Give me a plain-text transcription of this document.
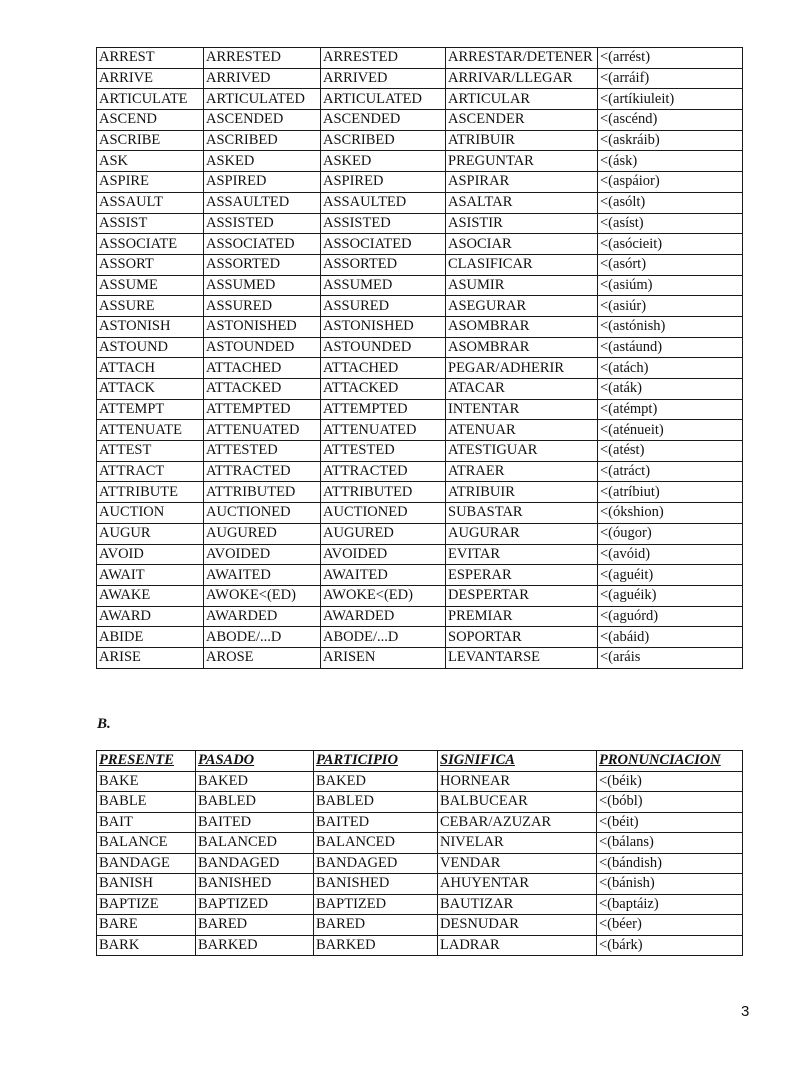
ARREST	ARRESTED	ARRESTED	ARRESTAR/DETENER	<(arrést)
ARRIVE	ARRIVED	ARRIVED	ARRIVAR/LLEGAR	<(arráif)
ARTICULATE	ARTICULATED	ARTICULATED	ARTICULAR	<(artíkiuleit)
ASCEND	ASCENDED	ASCENDED	ASCENDER	<(ascénd)
ASCRIBE	ASCRIBED	ASCRIBED	ATRIBUIR	<(askráib)
ASK	ASKED	ASKED	PREGUNTAR	<(ásk)
ASPIRE	ASPIRED	ASPIRED	ASPIRAR	<(aspáior)
ASSAULT	ASSAULTED	ASSAULTED	ASALTAR	<(asólt)
ASSIST	ASSISTED	ASSISTED	ASISTIR	<(asíst)
ASSOCIATE	ASSOCIATED	ASSOCIATED	ASOCIAR	<(asócieit)
ASSORT	ASSORTED	ASSORTED	CLASIFICAR	<(asórt)
ASSUME	ASSUMED	ASSUMED	ASUMIR	<(asiúm)
ASSURE	ASSURED	ASSURED	ASEGURAR	<(asiúr)
ASTONISH	ASTONISHED	ASTONISHED	ASOMBRAR	<(astónish)
ASTOUND	ASTOUNDED	ASTOUNDED	ASOMBRAR	<(astáund)
ATTACH	ATTACHED	ATTACHED	PEGAR/ADHERIR	<(atách)
ATTACK	ATTACKED	ATTACKED	ATACAR	<(aták)
ATTEMPT	ATTEMPTED	ATTEMPTED	INTENTAR	<(atémpt)
ATTENUATE	ATTENUATED	ATTENUATED	ATENUAR	<(aténueit)
ATTEST	ATTESTED	ATTESTED	ATESTIGUAR	<(atést)
ATTRACT	ATTRACTED	ATTRACTED	ATRAER	<(atráct)
ATTRIBUTE	ATTRIBUTED	ATTRIBUTED	ATRIBUIR	<(atríbiut)
AUCTION	AUCTIONED	AUCTIONED	SUBASTAR	<(ókshion)
AUGUR	AUGURED	AUGURED	AUGURAR	<(óugor)
AVOID	AVOIDED	AVOIDED	EVITAR	<(avóid)
AWAIT	AWAITED	AWAITED	ESPERAR	<(aguéit)
AWAKE	AWOKE<(ED)	AWOKE<(ED)	DESPERTAR	<(aguéik)
AWARD	AWARDED	AWARDED	PREMIAR	<(aguórd)
ABIDE	ABODE/...D	ABODE/...D	SOPORTAR	<(abáid)
ARISE	AROSE	ARISEN	LEVANTARSE	<(aráis
B.
PRESENTE	PASADO	PARTICIPIO	SIGNIFICA	PRONUNCIACION
BAKE	BAKED	BAKED	HORNEAR	<(béik)
BABLE	BABLED	BABLED	BALBUCEAR	<(bóbl)
BAIT	BAITED	BAITED	CEBAR/AZUZAR	<(béit)
BALANCE	BALANCED	BALANCED	NIVELAR	<(bálans)
BANDAGE	BANDAGED	BANDAGED	VENDAR	<(bándish)
BANISH	BANISHED	BANISHED	AHUYENTAR	<(bánish)
BAPTIZE	BAPTIZED	BAPTIZED	BAUTIZAR	<(baptáiz)
BARE	BARED	BARED	DESNUDAR	<(béer)
BARK	BARKED	BARKED	LADRAR	<(bárk)
3
